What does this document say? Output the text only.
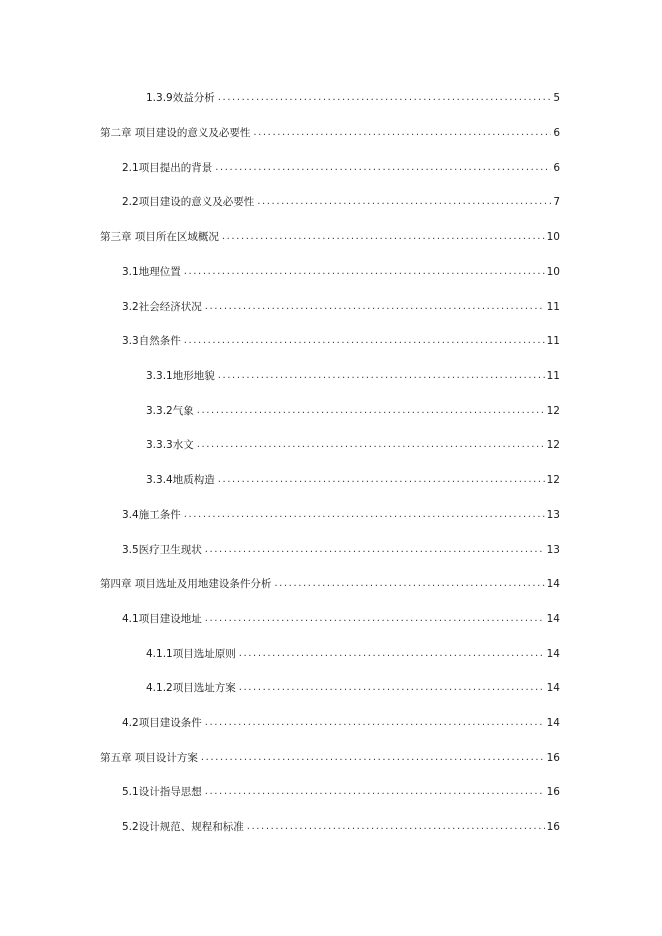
1.3.9效益分析 .....	5
第二章 项目建设的意义及必要性 .....	6
2.1项目提出的背景 .....	6
2.2项目建设的意义及必要性 .....	7
第三章 项目所在区域概况 .....	10
3.1地理位置 .....	10
3.2社会经济状况 .....	11
3.3自然条件 .....	11
3.3.1地形地貌 .....	11
3.3.2气象 .....	12
3.3.3水文 .....	12
3.3.4地质构造 .....	12
3.4施工条件 .....	13
3.5医疗卫生现状 .....	13
第四章 项目选址及用地建设条件分析 .....	14
4.1项目建设地址 .....	14
4.1.1项目选址原则 .....	14
4.1.2项目选址方案 .....	14
4.2项目建设条件 .....	14
第五章 项目设计方案 .....	16
5.1设计指导思想 .....	16
5.2设计规范、规程和标准 .....	16
